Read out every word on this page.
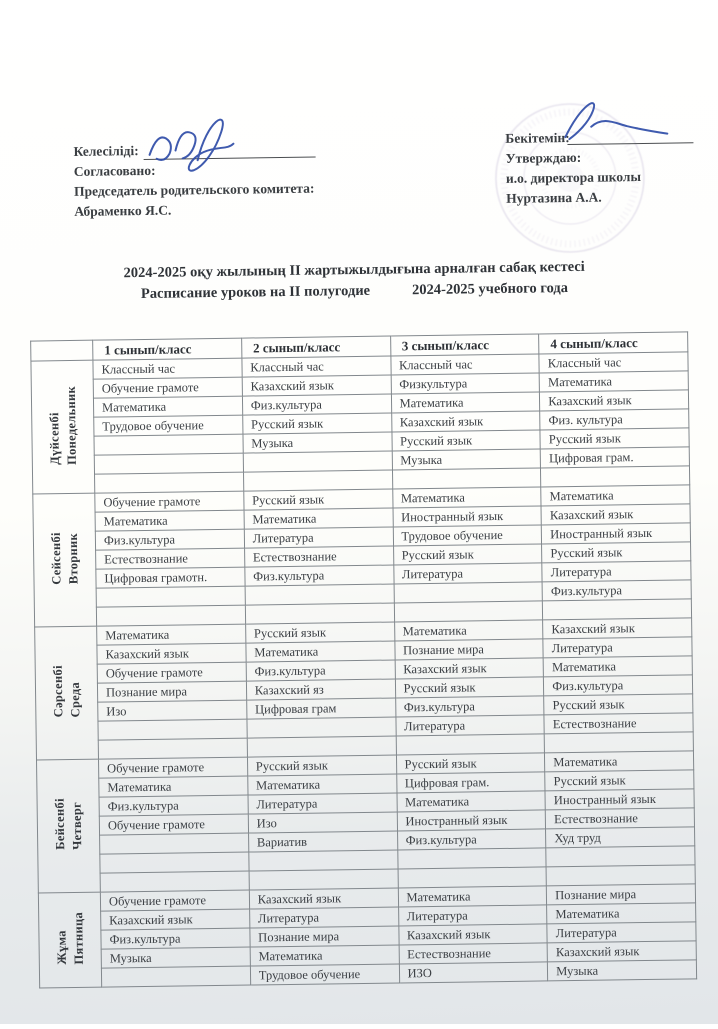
Келесіліді:
Согласовано:
Председатель родительского комитета:
Абраменко Я.С.
Бекітемін:
Утверждаю:
и.о. директора школы
Нуртазина А.А.
2024-2025 оқу жылының II жартыжылдығына арналған сабақ кестесі
Расписание уроков на II полугодие	2024-2025 учебного года
	1 сынып/класс	2 сынып/класс	3 сынып/класс	4 сынып/класс
ДүйсенбіПонедельник	Классный час	Классный час	Классный час	Классный час
	Обучение грамоте	Казахский язык	Физкультура	Математика
	Математика	Физ.культура	Математика	Казахский язык
	Трудовое обучение	Русский язык	Казахский язык	Физ. культура
		Музыка	Русский язык	Русский язык
			Музыка	Цифровая грам.

Сейсенбі Вторник	Обучение грамоте	Русский язык	Математика	Математика
	Математика	Математика	Иностранный язык	Казахский язык
	Физ.культура	Литература	Трудовое обучение	Иностранный язык
	Естествознание	Естествознание	Русский язык	Русский язык
	Цифровая грамотн.	Физ.культура	Литература	Литература
				Физ.культура

Сәрсенбі Среда	Математика	Русский язык	Математика	Казахский язык
	Казахский язык	Математика	Познание мира	Литература
	Обучение грамоте	Физ.культура	Казахский язык	Математика
	Познание мира	Казахский яз	Русский язык	Физ.культура
	Изо	Цифровая грам	Физ.культура	Русский язык
			Литература	Естествознание

Бейсенбі Четверг	Обучение грамоте	Русский язык	Русский язык	Математика
	Математика	Математика	Цифровая грам.	Русский язык
	Физ.культура	Литература	Математика	Иностранный язык
	Обучение грамоте	Изо	Иностранный язык	Естествознание
		Вариатив	Физ.культура	Худ труд

Жұма Пятница	Обучение грамоте	Казахский язык	Математика	Познание мира
	Казахский язык	Литература	Литература	Математика
	Физ.культура	Познание мира	Казахский язык	Литература
	Музыка	Математика	Естествознание	Казахский язык
		Трудовое обучение	ИЗО	Музыка
